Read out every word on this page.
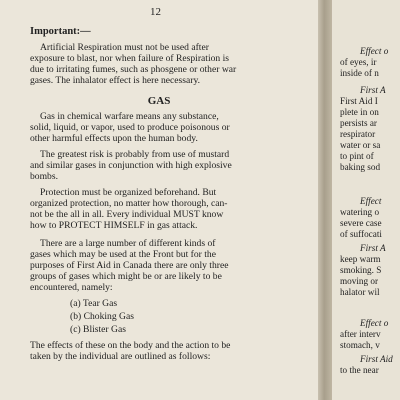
12
Important:—
Artificial Respiration must not be used after
exposure to blast, nor when failure of Respiration is
due to irritating fumes, such as phosgene or other war
gases. The inhalator effect is here necessary.
GAS
Gas in chemical warfare means any substance,
solid, liquid, or vapor, used to produce poisonous or
other harmful effects upon the human body.
The greatest risk is probably from use of mustard
and similar gases in conjunction with high explosive
bombs.
Protection must be organized beforehand. But
organized protection, no matter how thorough, can-
not be the all in all. Every individual MUST know
how to PROTECT HIMSELF in gas attack.
There are a large number of different kinds of
gases which may be used at the Front but for the
purposes of First Aid in Canada there are only three
groups of gases which might be or are likely to be
encountered, namely:
(a) Tear Gas
(b) Choking Gas
(c) Blister Gas
The effects of these on the body and the action to be
taken by the individual are outlined as follows:
Effect o
of eyes, ir
inside of n
First A
First Aid I
plete in on
persists ar
respirator
water or sa
to pint of
baking sod
Effect
watering o
severe case
of suffocati
First A
keep warm
smoking. S
moving or
halator wil
Effect o
after interv
stomach, v
First Aid
to the near
